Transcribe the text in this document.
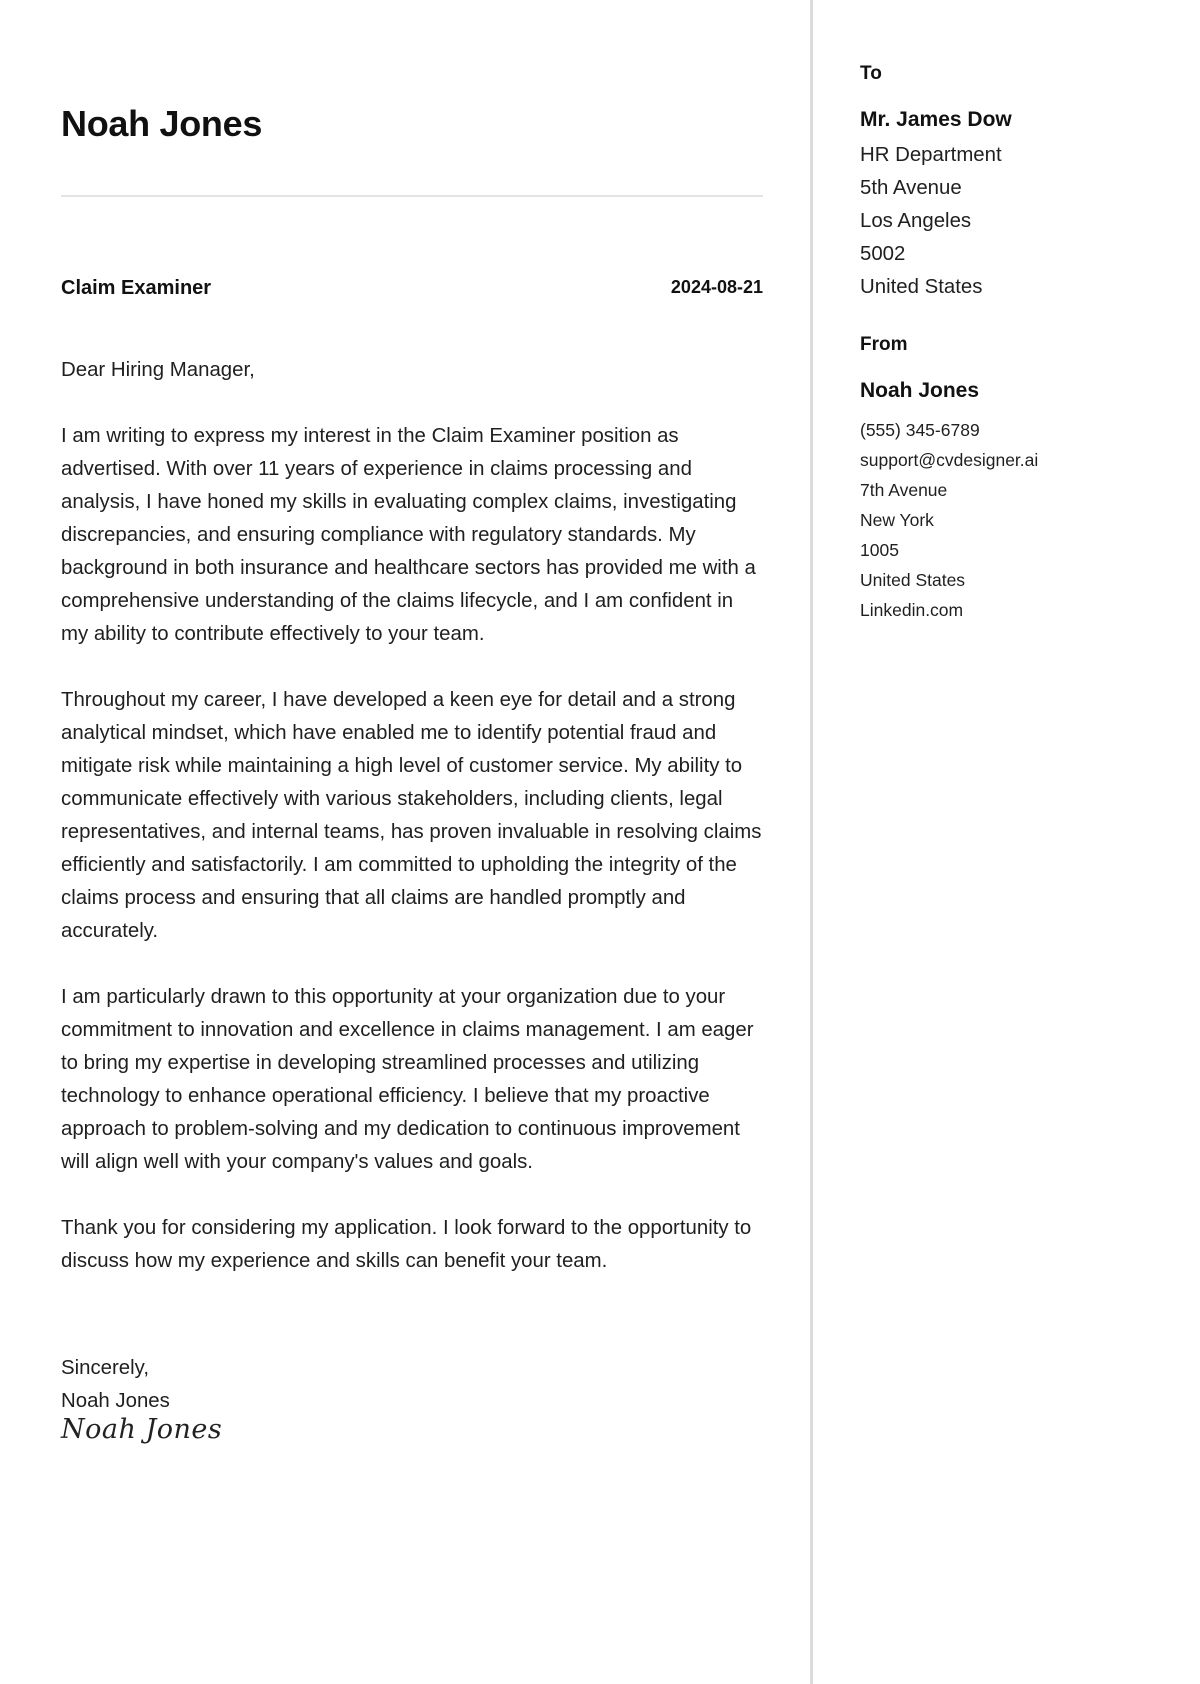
Noah Jones
Claim Examiner	2024-08-21

Dear Hiring Manager,

I am writing to express my interest in the Claim Examiner position as advertised. With over 11 years of experience in claims processing and analysis, I have honed my skills in evaluating complex claims, investigating discrepancies, and ensuring compliance with regulatory standards. My background in both insurance and healthcare sectors has provided me with a comprehensive understanding of the claims lifecycle, and I am confident in my ability to contribute effectively to your team.

Throughout my career, I have developed a keen eye for detail and a strong analytical mindset, which have enabled me to identify potential fraud and mitigate risk while maintaining a high level of customer service. My ability to communicate effectively with various stakeholders, including clients, legal representatives, and internal teams, has proven invaluable in resolving claims efficiently and satisfactorily. I am committed to upholding the integrity of the claims process and ensuring that all claims are handled promptly and accurately.

I am particularly drawn to this opportunity at your organization due to your commitment to innovation and excellence in claims management. I am eager to bring my expertise in developing streamlined processes and utilizing technology to enhance operational efficiency. I believe that my proactive approach to problem-solving and my dedication to continuous improvement will align well with your company's values and goals.

Thank you for considering my application. I look forward to the opportunity to discuss how my experience and skills can benefit your team.

Sincerely,
Noah Jones
Noah Jones
To
Mr. James Dow
HR Department
5th Avenue
Los Angeles
5002
United States
From
Noah Jones
(555) 345-6789
support@cvdesigner.ai
7th Avenue
New York
1005
United States
Linkedin.com
